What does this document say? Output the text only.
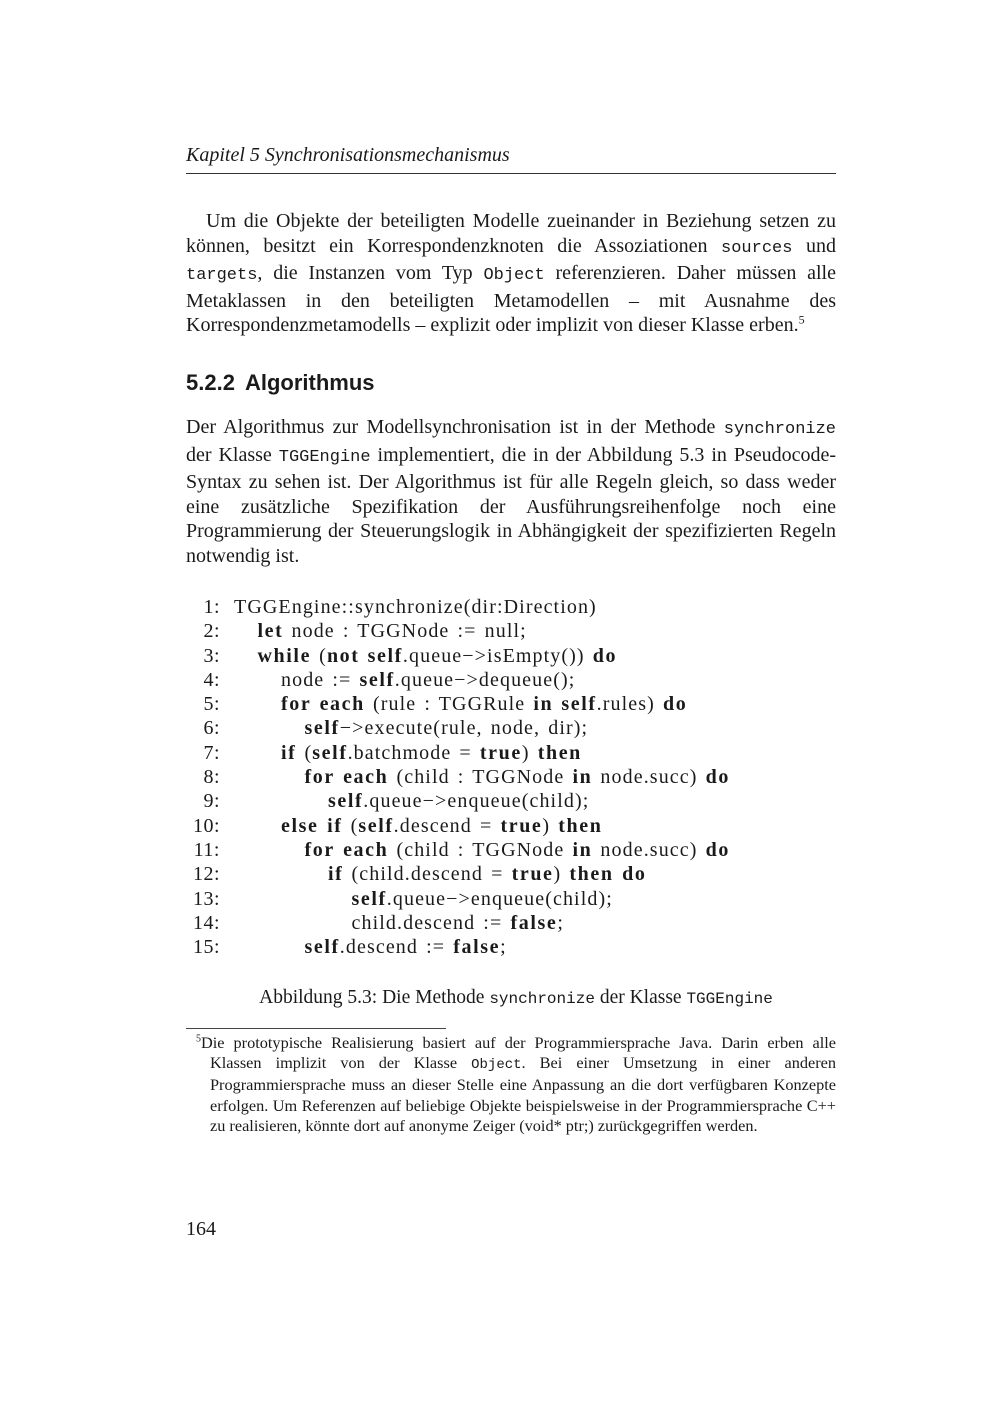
Kapitel 5 Synchronisationsmechanismus

Um die Objekte der beteiligten Modelle zueinander in Beziehung setzen zu können, besitzt ein Korrespondenzknoten die Assoziationen sources und targets, die Instanzen vom Typ Object referenzieren. Daher müssen alle Metaklassen in den beteiligten Metamodellen – mit Ausnahme des Korrespondenzmetamodells – explizit oder implizit von dieser Klasse erben.$^5$

5.2.2 Algorithmus

Der Algorithmus zur Modellsynchronisation ist in der Methode synchronize der Klasse TGGEngine implementiert, die in der Abbildung 5.3 in Pseudocode-Syntax zu sehen ist. Der Algorithmus ist für alle Regeln gleich, so dass weder eine zusätzliche Spezifikation der Ausführungsreihenfolge noch eine Programmierung der Steuerungslogik in Abhängigkeit der spezifizierten Regeln notwendig ist.

1: TGGEngine::synchronize(dir:Direction)
2: let node : TGGNode := null;
3: while (not self.queue−>isEmpty()) do
4:	node := self.queue−>dequeue();
5:	for each (rule : TGGRule in self.rules) do
6:	self−>execute(rule, node, dir);
7:	if (self.batchmode = true) then
8:	for each (child : TGGNode in node.succ) do
9:	self.queue−>enqueue(child);
10:	else if (self.descend = true) then
11:	for each (child : TGGNode in node.succ) do
12:	if (child.descend = true) then do
13:	self.queue−>enqueue(child);
14:	child.descend := false;
15:	self.descend := false;
Abbildung 5.3: Die Methode synchronize der Klasse TGGEngine

$^5$Die prototypische Realisierung basiert auf der Programmiersprache Java. Darin erben alle Klassen implizit von der Klasse Object. Bei einer Umsetzung in einer anderen Programmiersprache muss an dieser Stelle eine Anpassung an die dort verfügbaren Konzepte erfolgen. Um Referenzen auf beliebige Objekte beispielsweise in der Programmiersprache C++ zu realisieren, könnte dort auf anonyme Zeiger (void* ptr;) zurückgegriffen werden.

164
